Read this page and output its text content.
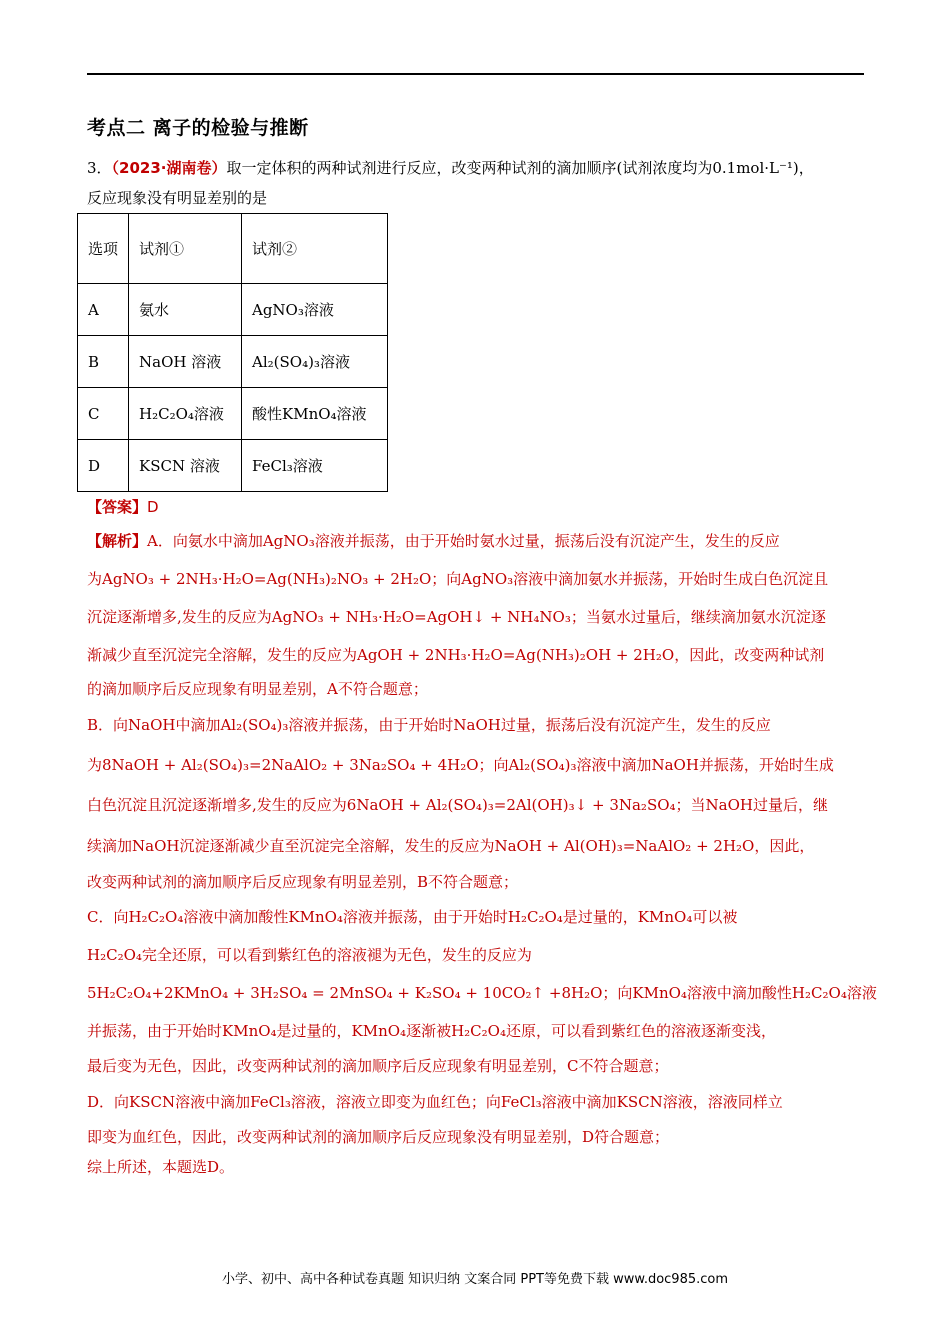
考点二 离子的检验与推断
3．（2023·湖南卷）取一定体积的两种试剂进行反应，改变两种试剂的滴加顺序(试剂浓度均为0.1mol·L⁻¹)，
反应现象没有明显差别的是
选项	试剂①	试剂②
A	氨水	AgNO₃溶液
B	NaOH 溶液	Al₂(SO₄)₃溶液
C	H₂C₂O₄溶液	酸性KMnO₄溶液
D	KSCN 溶液	FeCl₃溶液
【答案】D
【解析】A．向氨水中滴加AgNO₃溶液并振荡，由于开始时氨水过量，振荡后没有沉淀产生，发生的反应
为AgNO₃ + 2NH₃·H₂O=Ag(NH₃)₂NO₃ + 2H₂O；向AgNO₃溶液中滴加氨水并振荡，开始时生成白色沉淀且
沉淀逐渐增多,发生的反应为AgNO₃ + NH₃·H₂O=AgOH↓ + NH₄NO₃；当氨水过量后，继续滴加氨水沉淀逐
渐减少直至沉淀完全溶解，发生的反应为AgOH + 2NH₃·H₂O=Ag(NH₃)₂OH + 2H₂O，因此，改变两种试剂
的滴加顺序后反应现象有明显差别，A不符合题意；
B．向NaOH中滴加Al₂(SO₄)₃溶液并振荡，由于开始时NaOH过量，振荡后没有沉淀产生，发生的反应
为8NaOH + Al₂(SO₄)₃=2NaAlO₂ + 3Na₂SO₄ + 4H₂O；向Al₂(SO₄)₃溶液中滴加NaOH并振荡，开始时生成
白色沉淀且沉淀逐渐增多,发生的反应为6NaOH + Al₂(SO₄)₃=2Al(OH)₃↓ + 3Na₂SO₄；当NaOH过量后，继
续滴加NaOH沉淀逐渐减少直至沉淀完全溶解，发生的反应为NaOH + Al(OH)₃=NaAlO₂ + 2H₂O，因此，
改变两种试剂的滴加顺序后反应现象有明显差别，B不符合题意；
C．向H₂C₂O₄溶液中滴加酸性KMnO₄溶液并振荡，由于开始时H₂C₂O₄是过量的，KMnO₄可以被
H₂C₂O₄完全还原，可以看到紫红色的溶液褪为无色，发生的反应为
5H₂C₂O₄+2KMnO₄ + 3H₂SO₄ = 2MnSO₄ + K₂SO₄ + 10CO₂↑ +8H₂O；向KMnO₄溶液中滴加酸性H₂C₂O₄溶液
并振荡，由于开始时KMnO₄是过量的，KMnO₄逐渐被H₂C₂O₄还原，可以看到紫红色的溶液逐渐变浅，
最后变为无色，因此，改变两种试剂的滴加顺序后反应现象有明显差别，C不符合题意；
D．向KSCN溶液中滴加FeCl₃溶液，溶液立即变为血红色；向FeCl₃溶液中滴加KSCN溶液，溶液同样立
即变为血红色，因此，改变两种试剂的滴加顺序后反应现象没有明显差别，D符合题意；
综上所述，本题选D。
小学、初中、高中各种试卷真题 知识归纳 文案合同 PPT等免费下载 www.doc985.com
